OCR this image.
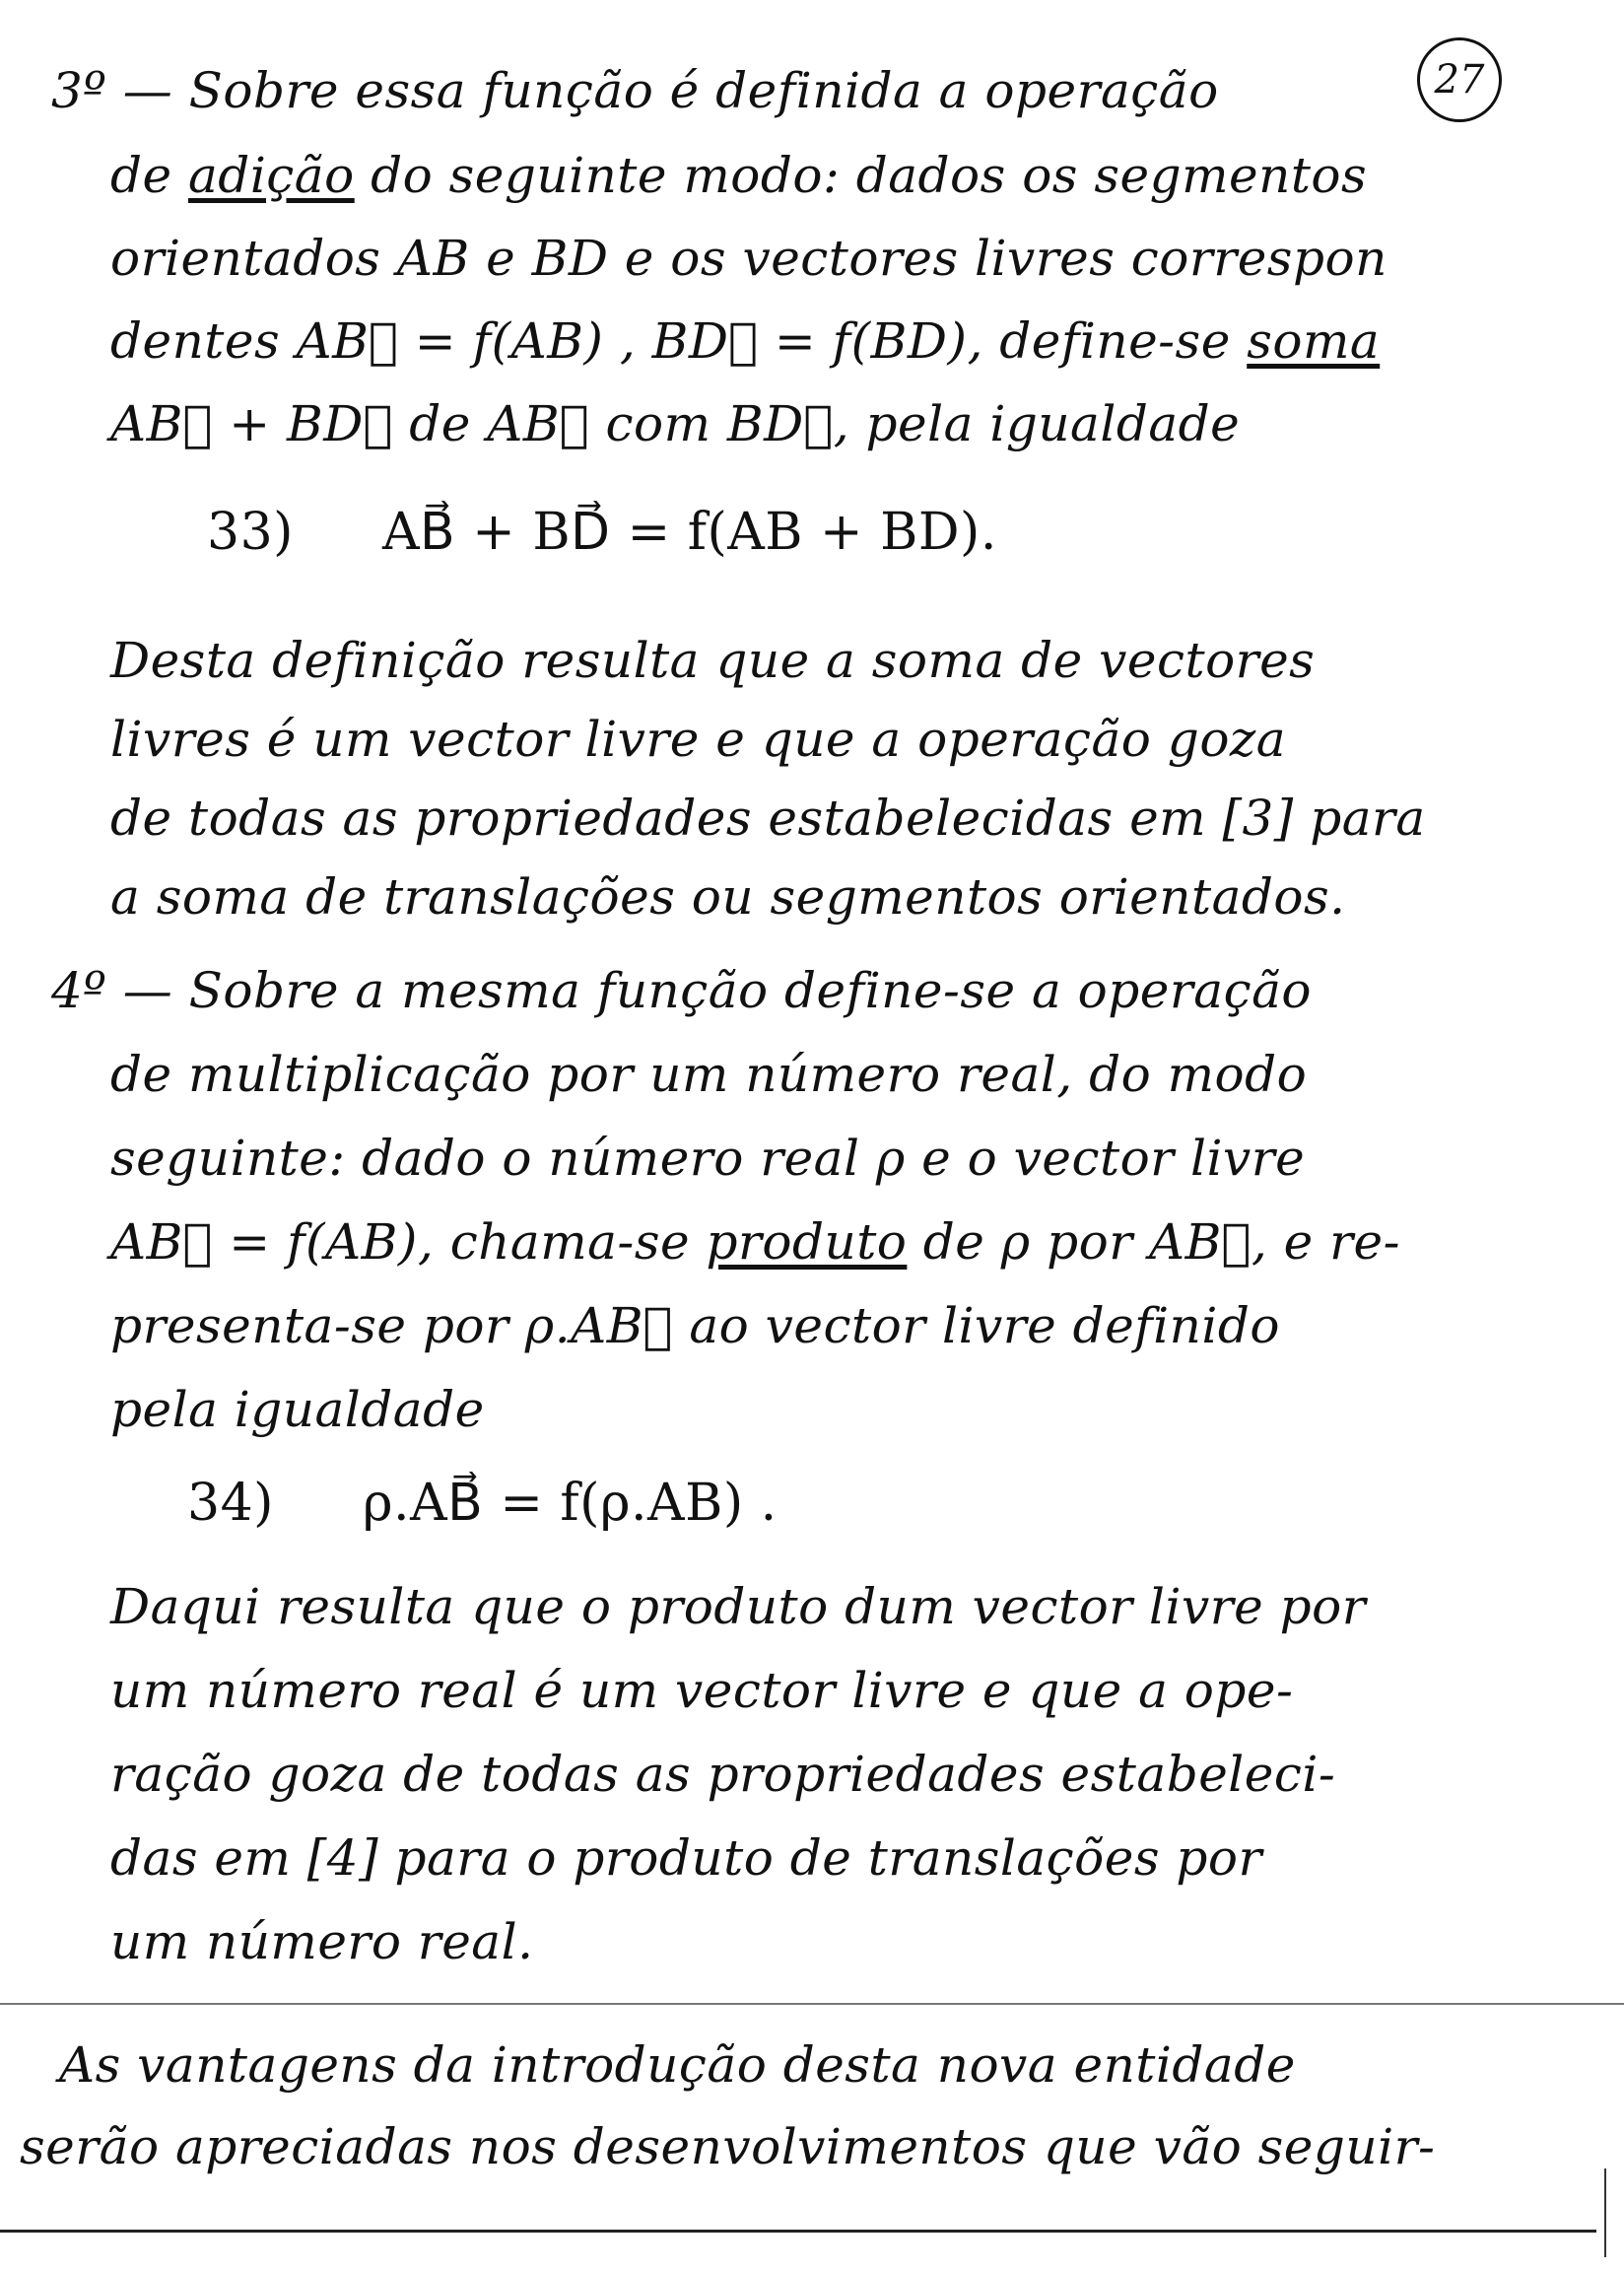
27
3º — Sobre essa função é definida a operação
de adição do seguinte modo: dados os segmentos
orientados AB e BD e os vectores livres correspon
dentes AB⃗ = f(AB) , BD⃗ = f(BD), define-se soma
AB⃗ + BD⃗ de AB⃗ com BD⃗, pela igualdade
33) AB⃗ + BD⃗ = f(AB + BD).
Desta definição resulta que a soma de vectores
livres é um vector livre e que a operação goza
de todas as propriedades estabelecidas em [3] para
a soma de translações ou segmentos orientados.
4º — Sobre a mesma função define-se a operação
de multiplicação por um número real, do modo
seguinte: dado o número real ρ e o vector livre
AB⃗ = f(AB), chama-se produto de ρ por AB⃗, e re-
presenta-se por ρ.AB⃗ ao vector livre definido
pela igualdade
34) ρ.AB⃗ = f(ρ.AB) .
Daqui resulta que o produto dum vector livre por
um número real é um vector livre e que a ope-
ração goza de todas as propriedades estabeleci-
das em [4] para o produto de translações por
um número real.
As vantagens da introdução desta nova entidade
serão apreciadas nos desenvolvimentos que vão seguir-
